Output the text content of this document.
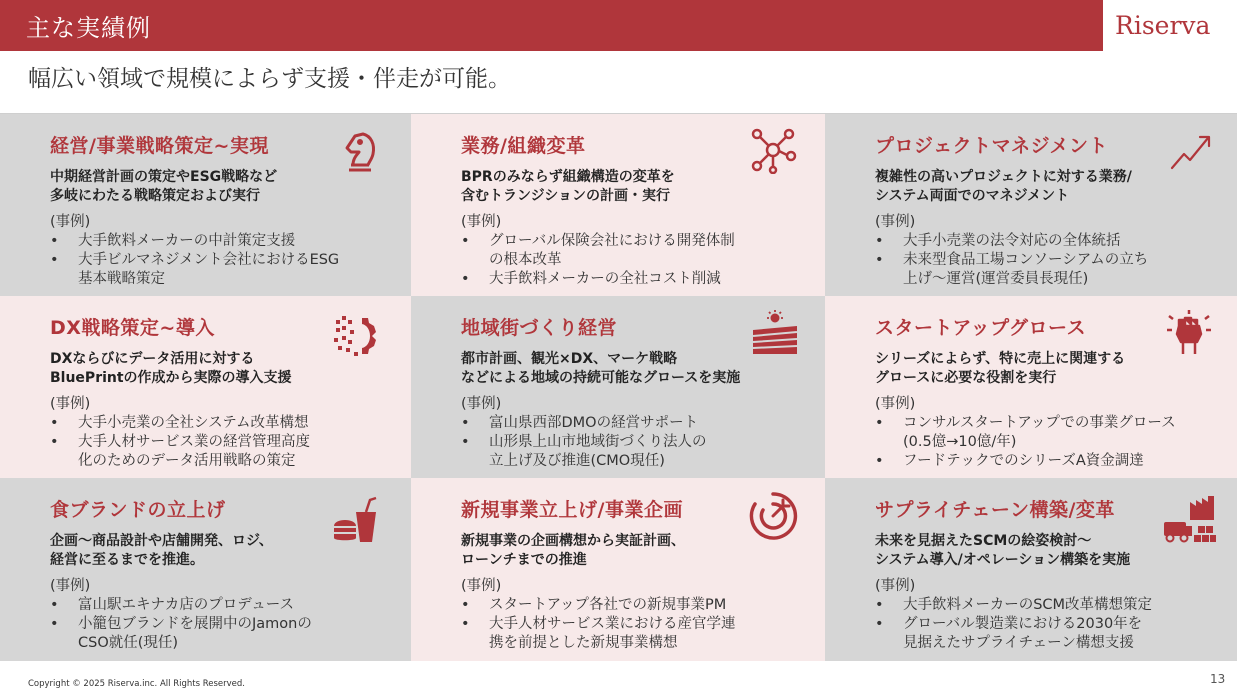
主な実績例	Riserva
幅広い領域で規模によらず支援・伴走が可能。
経営/事業戦略策定~実現
中期経営計画の策定やESG戦略など
多岐にわたる戦略策定および実行
(事例)
• 大手飲料メーカーの中計策定支援
• 大手ビルマネジメント会社におけるESG
基本戦略策定
業務/組織変革
BPRのみならず組織構造の変革を
含むトランジションの計画・実行
(事例)
• グローバル保険会社における開発体制
の根本改革
• 大手飲料メーカーの全社コスト削減
プロジェクトマネジメント
複雑性の高いプロジェクトに対する業務/
システム両面でのマネジメント
(事例)
• 大手小売業の法令対応の全体統括
• 未来型食品工場コンソーシアムの立ち
上げ～運営(運営委員長現任)
DX戦略策定~導入
DXならびにデータ活用に対する
BluePrintの作成から実際の導入支援
(事例)
• 大手小売業の全社システム改革構想
• 大手人材サービス業の経営管理高度
化のためのデータ活用戦略の策定
地域街づくり経営
都市計画、観光×DX、マーケ戦略
などによる地域の持続可能なグロースを実施
(事例)
• 富山県西部DMOの経営サポート
• 山形県上山市地域街づくり法人の
立上げ及び推進(CMO現任)
スタートアップグロース
シリーズによらず、特に売上に関連する
グロースに必要な役割を実行
(事例)
• コンサルスタートアップでの事業グロース
(0.5億→10億/年)
• フードテックでのシリーズA資金調達
食ブランドの立上げ
企画～商品設計や店舗開発、ロジ、
経営に至るまでを推進。
(事例)
• 富山駅エキナカ店のプロデュース
• 小籠包ブランドを展開中のJamonの
CSO就任(現任)
新規事業立上げ/事業企画
新規事業の企画構想から実証計画、
ローンチまでの推進
(事例)
• スタートアップ各社での新規事業PM
• 大手人材サービス業における産官学連
携を前提とした新規事業構想
サプライチェーン構築/変革
未来を見据えたSCMの絵姿検討～
システム導入/オペレーション構築を実施
(事例)
• 大手飲料メーカーのSCM改革構想策定
• グローバル製造業における2030年を
見据えたサプライチェーン構想支援
Copyright © 2025 Riserva.inc. All Rights Reserved.	13
